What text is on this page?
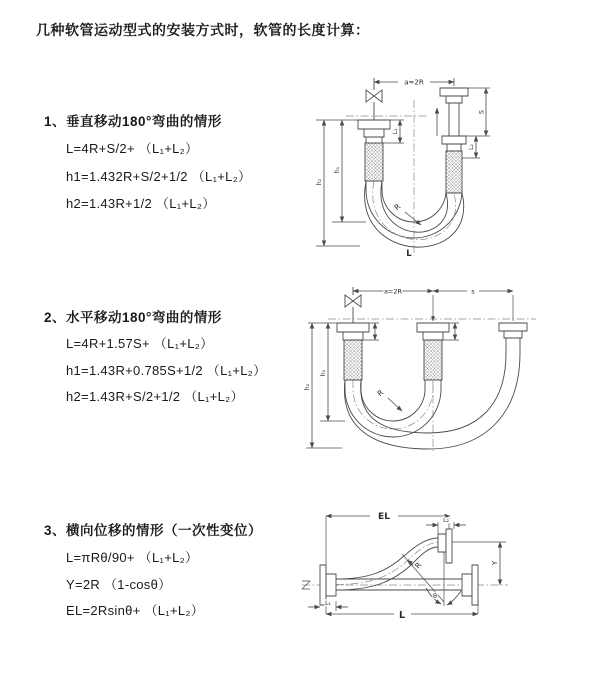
几种软管运动型式的安装方式时，软管的长度计算：
1、垂直移动180°弯曲的情形
L=4R+S/2+ （L₁+L₂）
h1=1.432R+S/2+1/2 （L₁+L₂）
h2=1.43R+1/2 （L₁+L₂）
2、水平移动180°弯曲的情形
L=4R+1.57S+ （L₁+L₂）
h1=1.43R+0.785S+1/2 （L₁+L₂）
h2=1.43R+S/2+1/2 （L₁+L₂）
3、横向位移的情形（一次性变位）
L=πRθ/90+ （L₁+L₂）
Y=2R （1-cosθ）
EL=2Rsinθ+ （L₁+L₂）
a=2R
L₁
S
L₂
h₁
h₂
R
L
a=2R	s
h₁
h₂
R
EL	L₂
Y
θ
R
L
L₁
